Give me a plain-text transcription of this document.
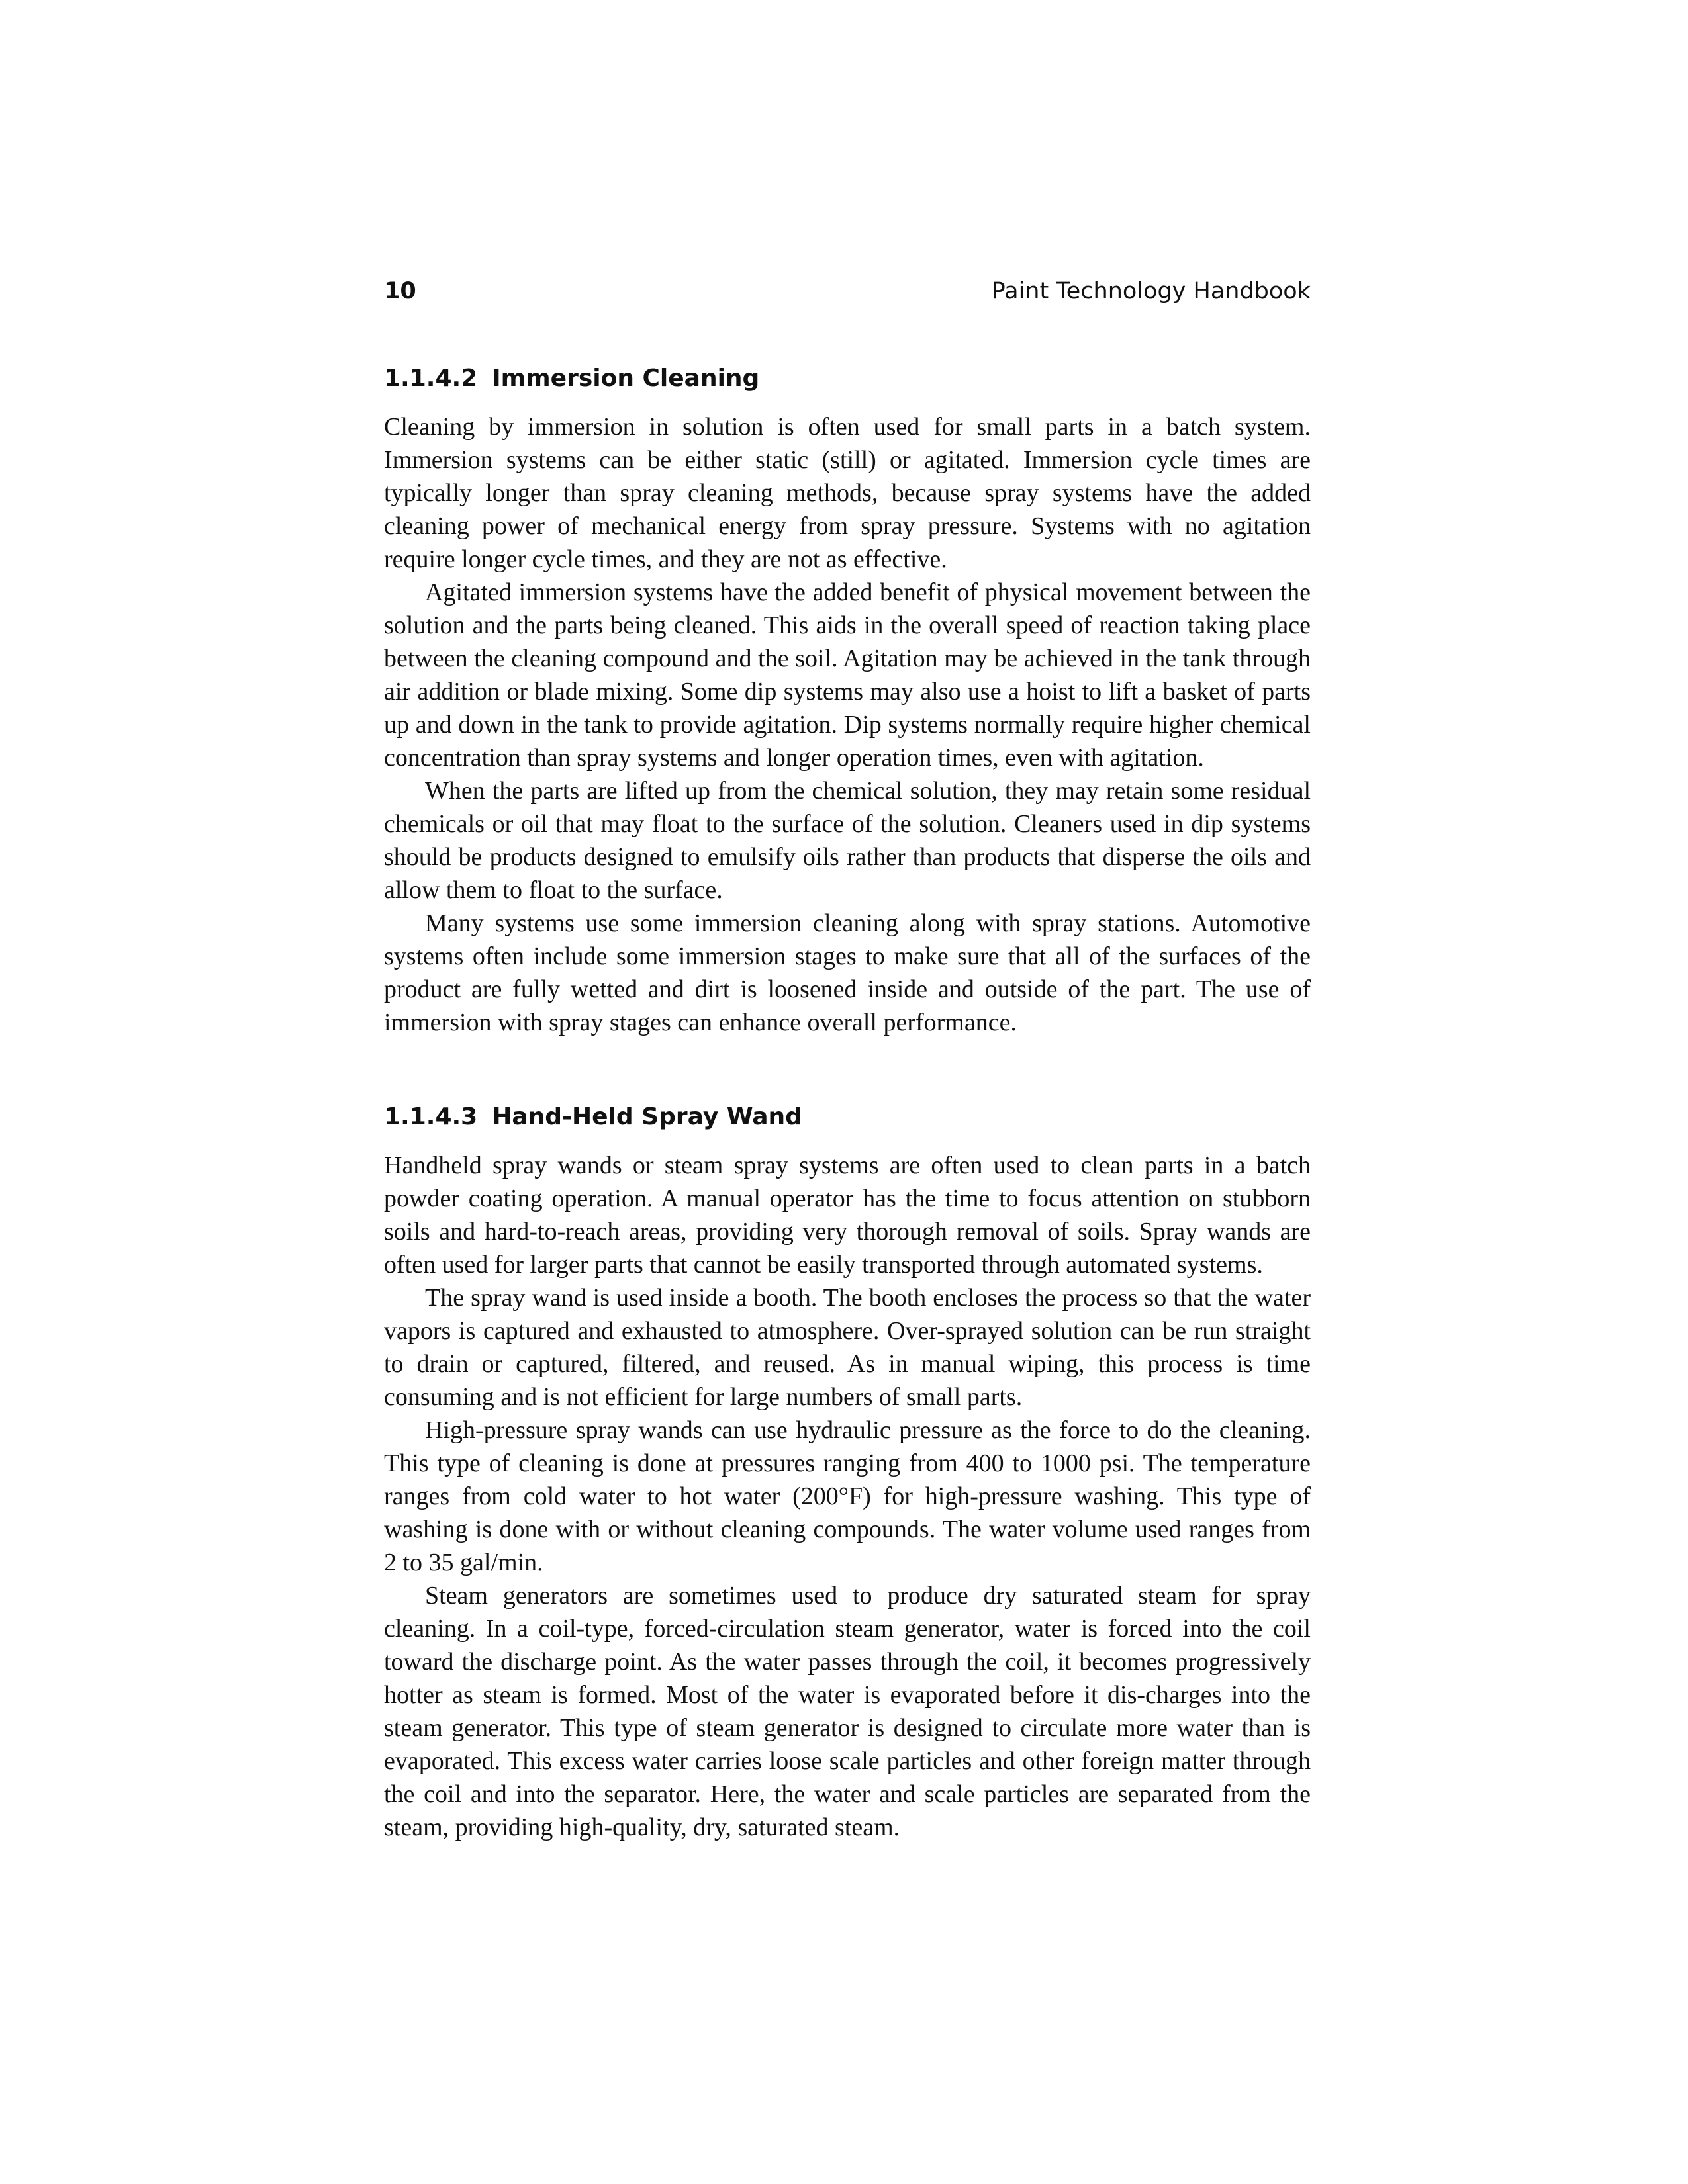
10	Paint Technology Handbook
1.1.4.2 Immersion Cleaning

Cleaning by immersion in solution is often used for small parts in a batch system. Immersion systems can be either static (still) or agitated. Immersion cycle times are typically longer than spray cleaning methods, because spray systems have the added cleaning power of mechanical energy from spray pressure. Systems with no agitation require longer cycle times, and they are not as effective.

Agitated immersion systems have the added benefit of physical movement between the solution and the parts being cleaned. This aids in the overall speed of reaction taking place between the cleaning compound and the soil. Agitation may be achieved in the tank through air addition or blade mixing. Some dip systems may also use a hoist to lift a basket of parts up and down in the tank to provide agitation. Dip systems normally require higher chemical concentration than spray systems and longer operation times, even with agitation.

When the parts are lifted up from the chemical solution, they may retain some residual chemicals or oil that may float to the surface of the solution. Cleaners used in dip systems should be products designed to emulsify oils rather than products that disperse the oils and allow them to float to the surface.

Many systems use some immersion cleaning along with spray stations. Automotive systems often include some immersion stages to make sure that all of the surfaces of the product are fully wetted and dirt is loosened inside and outside of the part. The use of immersion with spray stages can enhance overall performance.

1.1.4.3 Hand-Held Spray Wand

Handheld spray wands or steam spray systems are often used to clean parts in a batch powder coating operation. A manual operator has the time to focus attention on stubborn soils and hard-to-reach areas, providing very thorough removal of soils. Spray wands are often used for larger parts that cannot be easily transported through automated systems.

The spray wand is used inside a booth. The booth encloses the process so that the water vapors is captured and exhausted to atmosphere. Over-sprayed solution can be run straight to drain or captured, filtered, and reused. As in manual wiping, this process is time consuming and is not efficient for large numbers of small parts.

High-pressure spray wands can use hydraulic pressure as the force to do the cleaning. This type of cleaning is done at pressures ranging from 400 to 1000 psi. The temperature ranges from cold water to hot water (200°F) for high-pressure washing. This type of washing is done with or without cleaning compounds. The water volume used ranges from 2 to 35 gal/min.

Steam generators are sometimes used to produce dry saturated steam for spray cleaning. In a coil-type, forced-circulation steam generator, water is forced into the coil toward the discharge point. As the water passes through the coil, it becomes progressively hotter as steam is formed. Most of the water is evaporated before it dis-charges into the steam generator. This type of steam generator is designed to circulate more water than is evaporated. This excess water carries loose scale particles and other foreign matter through the coil and into the separator. Here, the water and scale particles are separated from the steam, providing high-quality, dry, saturated steam.
